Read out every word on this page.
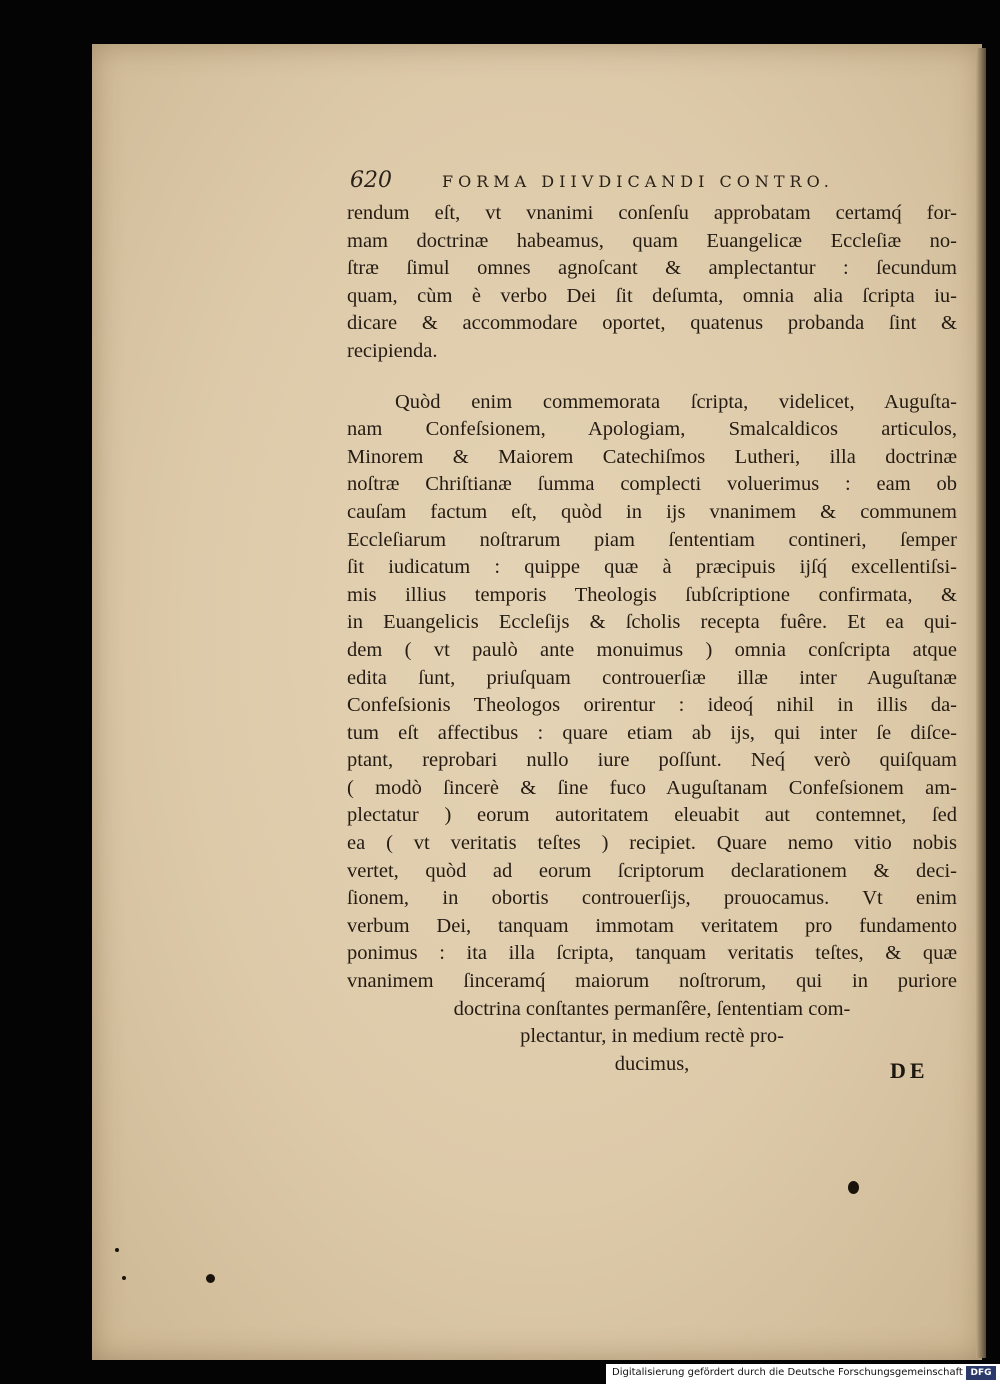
620	FORMA DIIVDICANDI CONTRO.
rendum eſt, vt vnanimi conſenſu approbatam certamq́ for-
mam doctrinæ habeamus, quam Euangelicæ Eccleſiæ no-
ſtræ ſimul omnes agnoſcant & amplectantur : ſecundum
quam, cùm è verbo Dei ſit deſumta, omnia alia ſcripta iu-
dicare & accommodare oportet, quatenus probanda ſint &
recipienda.
Quòd enim commemorata ſcripta, videlicet, Auguſta-
nam Confeſsionem, Apologiam, Smalcaldicos articulos,
Minorem & Maiorem Catechiſmos Lutheri, illa doctrinæ
noſtræ Chriſtianæ ſumma complecti voluerimus : eam ob
cauſam factum eſt, quòd in ijs vnanimem & communem
Eccleſiarum noſtrarum piam ſententiam contineri, ſemper
ſit iudicatum : quippe quæ à præcipuis ijſq́ excellentiſsi-
mis illius temporis Theologis ſubſcriptione confirmata, &
in Euangelicis Eccleſijs & ſcholis recepta fuêre. Et ea qui-
dem ( vt paulò ante monuimus ) omnia conſcripta atque
edita ſunt, priuſquam controuerſiæ illæ inter Auguſtanæ
Confeſsionis Theologos orirentur : ideoq́ nihil in illis da-
tum eſt affectibus : quare etiam ab ijs, qui inter ſe diſce-
ptant, reprobari nullo iure poſſunt. Neq́ verò quiſquam
( modò ſincerè & ſine fuco Auguſtanam Confeſsionem am-
plectatur ) eorum autoritatem eleuabit aut contemnet, ſed
ea ( vt veritatis teſtes ) recipiet. Quare nemo vitio nobis
vertet, quòd ad eorum ſcriptorum declarationem & deci-
ſionem, in obortis controuerſijs, prouocamus. Vt enim
verbum Dei, tanquam immotam veritatem pro fundamento
ponimus : ita illa ſcripta, tanquam veritatis teſtes, & quæ
vnanimem ſinceramq́ maiorum noſtrorum, qui in puriore
doctrina conſtantes permanſêre, ſententiam com-
plectantur, in medium rectè pro-
ducimus,	DE
Digitalisierung gefördert durch die Deutsche Forschungsgemeinschaft DFG
